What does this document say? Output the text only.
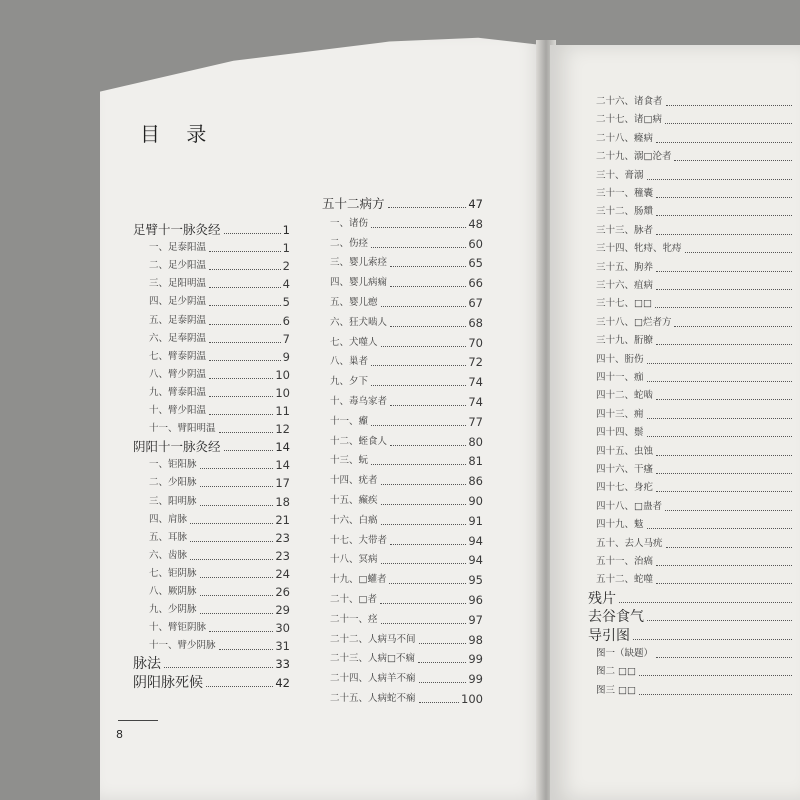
目 录
足臂十一脉灸经	1
一、足泰阳温	1
二、足少阳温	2
三、足阳明温	4
四、足少阴温	5
五、足泰阴温	6
六、足奉阴温	7
七、臂泰阴温	9
八、臂少阴温	10
九、臂泰阳温	10
十、臂少阳温	11
十一、臂阳明温	12
阴阳十一脉灸经	14
一、钜阳脉	14
二、少阳脉	17
三、阳明脉	18
四、肩脉	21
五、耳脉	23
六、齿脉	23
七、钜阴脉	24
八、厥阴脉	26
九、少阴脉	29
十、臂钜阴脉	30
十一、臂少阴脉	31
脉法	33
阴阳脉死候	42
五十二病方	47
一、诸伤	48
二、伤痉	60
三、婴儿索痉	65
四、婴儿病痫	66
五、婴儿瘛	67
六、狂犬啮人	68
七、犬噬人	70
八、巢者	72
九、夕下	74
十、毒乌家者	74
十一、㿗	77
十二、蛭食人	80
十三、蚖	81
十四、疣者	86
十五、癫疾	90
十六、白瘑	91
十七、大带者	94
十八、冥病	94
十九、□蠸者	95
二十、□者	96
二十一、痉	97
二十二、人病马不间	98
二十三、人病□不痫	99
二十四、人病羊不痫	99
二十五、人病蛇不痫	100
二十六、诸食者
二十七、诸□病
二十八、癃病
二十九、溺□沦者
三十、膏溺
三十一、穜囊
三十二、肠穨
三十三、脉者
三十四、牝痔、牝痔
三十五、朐养
三十六、疽病
三十七、□□
三十八、□烂者方
三十九、胻膫
四十、胻伤
四十一、痂
四十二、蛇啮
四十三、痈
四十四、鬃
四十五、虫蚀
四十六、干瘙
四十七、身疕
四十八、□蛊者
四十九、鬾
五十、去人马疣
五十一、治瘑
五十二、蛇噬
残片
去谷食气
导引图
图一（缺题）
图二 □□
图三 □□
8
